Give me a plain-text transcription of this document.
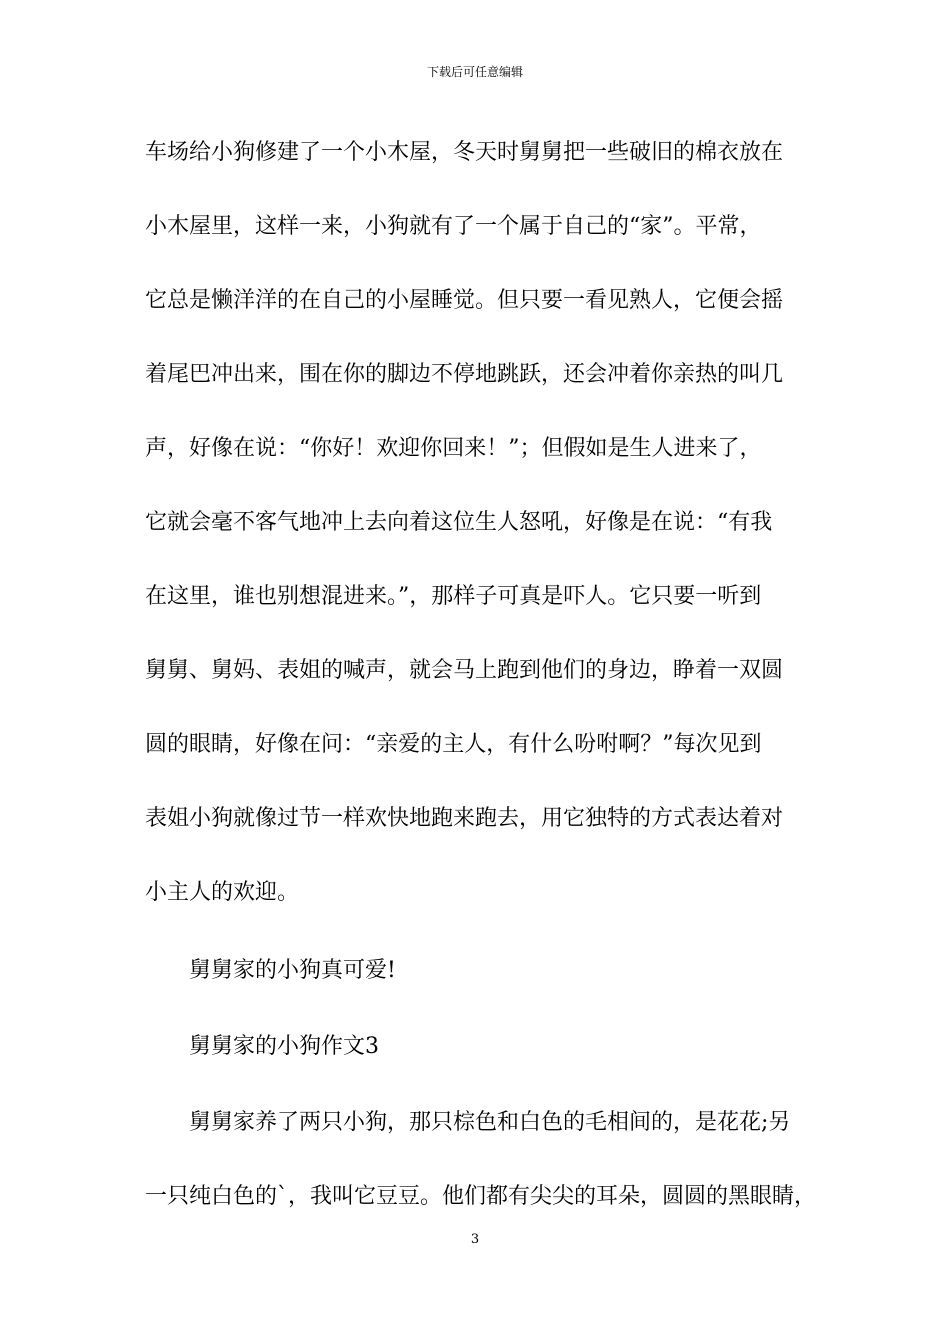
下载后可任意编辑
车场给小狗修建了一个小木屋，冬天时舅舅把一些破旧的棉衣放在
小木屋里，这样一来，小狗就有了一个属于自己的“家”。平常，
它总是懒洋洋的在自己的小屋睡觉。但只要一看见熟人，它便会摇
着尾巴冲出来，围在你的脚边不停地跳跃，还会冲着你亲热的叫几
声，好像在说：“你好！欢迎你回来！”；但假如是生人进来了，
它就会毫不客气地冲上去向着这位生人怒吼，好像是在说：“有我
在这里，谁也别想混进来。”，那样子可真是吓人。它只要一听到
舅舅、舅妈、表姐的喊声，就会马上跑到他们的身边，睁着一双圆
圆的眼睛，好像在问：“亲爱的主人，有什么吩咐啊？”每次见到
表姐小狗就像过节一样欢快地跑来跑去，用它独特的方式表达着对
小主人的欢迎。
舅舅家的小狗真可爱!
舅舅家的小狗作文3
舅舅家养了两只小狗，那只棕色和白色的毛相间的，是花花;另
一只纯白色的`，我叫它豆豆。他们都有尖尖的耳朵，圆圆的黑眼睛，
3
